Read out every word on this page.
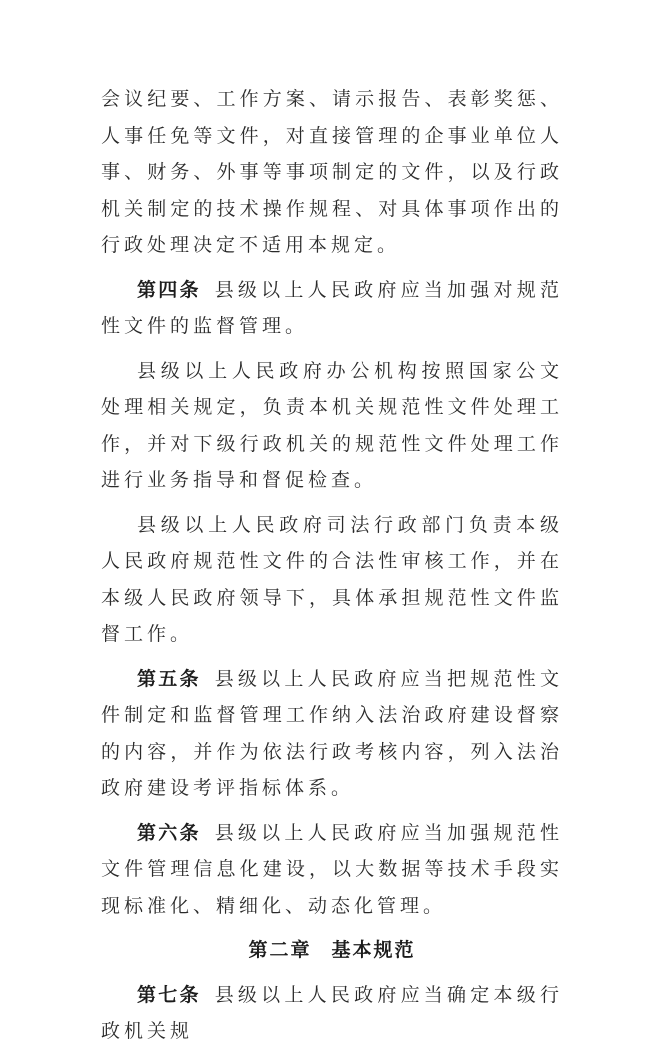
会议纪要、工作方案、请示报告、表彰奖惩、人事任免等文件，对直接管理的企事业单位人事、财务、外事等事项制定的文件，以及行政机关制定的技术操作规程、对具体事项作出的行政处理决定不适用本规定。

第四条 县级以上人民政府应当加强对规范性文件的监督管理。

县级以上人民政府办公机构按照国家公文处理相关规定，负责本机关规范性文件处理工作，并对下级行政机关的规范性文件处理工作进行业务指导和督促检查。

县级以上人民政府司法行政部门负责本级人民政府规范性文件的合法性审核工作，并在本级人民政府领导下，具体承担规范性文件监督工作。

第五条 县级以上人民政府应当把规范性文件制定和监督管理工作纳入法治政府建设督察的内容，并作为依法行政考核内容，列入法治政府建设考评指标体系。

第六条 县级以上人民政府应当加强规范性文件管理信息化建设，以大数据等技术手段实现标准化、精细化、动态化管理。

第二章 基本规范

第七条 县级以上人民政府应当确定本级行政机关规
